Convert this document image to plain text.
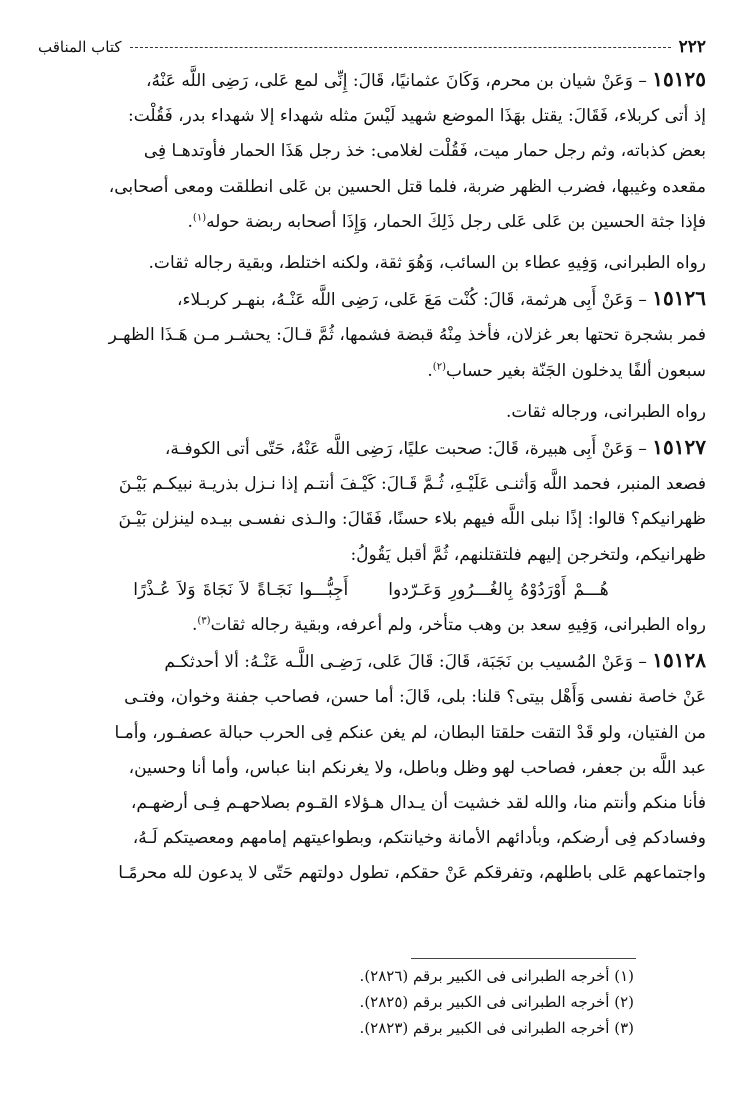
٢٢٢
كتاب المناقب

١٥١٢٥ – وَعَنْ شيان بن محرم، وَكَانَ عثمانيًا، قَالَ: إِنِّى لمع عَلى، رَضِى اللَّه عَنْهُ،

إذ أتى كربلاء، فَقَالَ: يقتل بهَذَا الموضع شهيد لَيْسَ مثله شهداء إلا شهداء بدر، فَقُلْت:

بعض كذباته، وثم رجل حمار ميت، فَقُلْت لغلامى: خذ رجل هَذَا الحمار فأوتدهـا فِى

مقعده وغيبها، فضرب الظهر ضربة، فلما قتل الحسين بن عَلى انطلقت ومعى أصحابى،

فإذا جثة الحسين بن عَلى عَلى رجل ذَلِكَ الحمار، وَإِذَا أصحابه ربضة حوله$^{(١)}$.

رواه الطبرانى، وَفِيهِ عطاء بن السائب، وَهُوَ ثقة، ولكنه اختلط، وبقية رجاله ثقات.

١٥١٢٦ – وَعَنْ أَبِى هرثمة، قَالَ: كُنْت مَعَ عَلى، رَضِى اللَّه عَنْـهُ، بنهـر كربـلاء،

فمر بشجرة تحتها بعر غزلان، فأخذ مِنْهُ قبضة فشمها، ثُمَّ قـالَ: يحشـر مـن هَـذَا الظهـر

سبعون ألفًا يدخلون الجَنّة بغير حساب$^{(٢)}$.

رواه الطبرانى، ورجاله ثقات.

١٥١٢٧ – وَعَنْ أَبِى هبيرة، قَالَ: صحبت عليًا، رَضِى اللَّه عَنْهُ، حَتّى أتى الكوفـة،

فصعد المنبر، فحمد اللَّه وَأثنـى عَلَيْـهِ، ثُـمَّ قَـالَ: كَيْـفَ أنتـم إذا نـزل بذريـة نبيكـم بَيْـنَ

ظهرانيكم؟ قالوا: إذًا نبلى اللَّه فيهم بلاء حسنًا، فَقَالَ: والـذى نفسـى بيـده لينزلن بَيْـنَ

ظهرانيكم، ولتخرجن إليهم فلتقتلنهم، ثُمَّ أقبل يَقُولُ:

هُـــمْ أَوْرَدُوْهُ بِالغُـــرُورِ وَعَـرّدواأَجِبُّـــوا نَجَـاةً لاَ نَجَاةَ وَلاَ عُـذْرًا

رواه الطبرانى، وَفِيهِ سعد بن وهب متأخر، ولم أعرفه، وبقية رجاله ثقات$^{(٣)}$.

١٥١٢٨ – وَعَنْ المُسيب بن نَجَبَة، قَالَ: قَالَ عَلى، رَضِـى اللَّـه عَنْـهُ: ألا أحدثكـم

عَنْ خاصة نفسى وَأَهْل بيتى؟ قلنا: بلى، قَالَ: أما حسن، فصاحب جفنة وخوان، وفتـى

من الفتيان، ولو قَدْ التقت حلقتا البطان، لم يغن عنكم فِى الحرب حبالة عصفـور، وأمـا

عبد اللَّه بن جعفر، فصاحب لهو وظل وباطل، ولا يغرنكم ابنا عباس، وأما أنا وحسين،

فأنا منكم وأنتم منا، والله لقد خشيت أن يـدال هـؤلاء القـوم بصلاحهـم فِـى أرضهـم،

وفسادكم فِى أرضكم، وبأدائهم الأمانة وخيانتكم، وبطواعيتهم إمامهم ومعصيتكم لَـهُ،

واجتماعهم عَلى باطلهم، وتفرقكم عَنْ حقكم، تطول دولتهم حَتّى لا يدعون لله محرمًـا

(١) أخرجه الطبرانى فى الكبير برقم (٢٨٢٦).
(٢) أخرجه الطبرانى فى الكبير برقم (٢٨٢٥).
(٣) أخرجه الطبرانى فى الكبير برقم (٢٨٢٣).
